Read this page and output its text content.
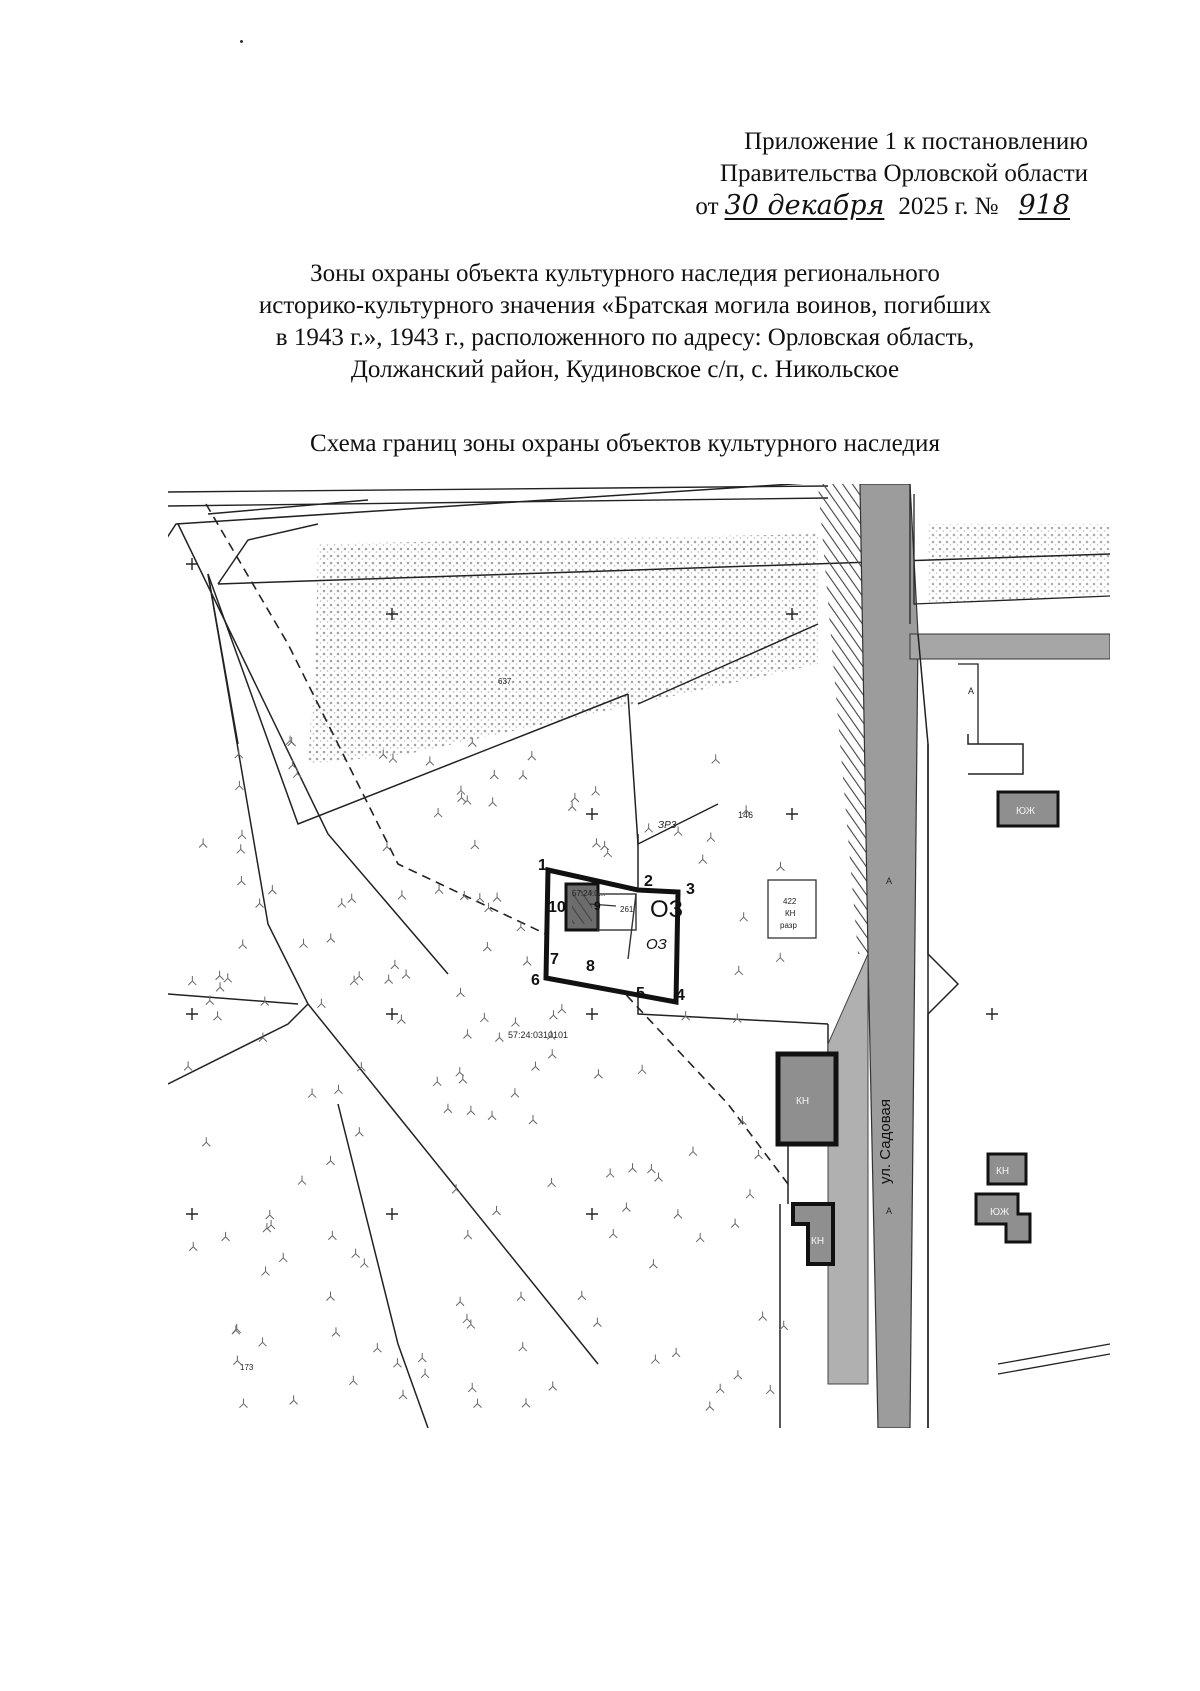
Приложение 1 к постановлению
Правительства Орловской области
от 30 декабря 2025 г. № 918
Зоны охраны объекта культурного наследия регионального
историко-культурного значения «Братская могила воинов, погибших
в 1943 г.», 1943 г., расположенного по адресу: Орловская область,
Должанский район, Кудиновское с/п, с. Никольское
Схема границ зоны охраны объектов культурного наследия
ОЗ
ОЗ
1
2 3
4
5
6
7 8
9
10
637
ЗР3
146
261
57:24:0...
422
КН
разр
57:24:0310101
173
КН
КН
КН
ЮЖ
ЮЖ
А
А
А
ул. Садовая
